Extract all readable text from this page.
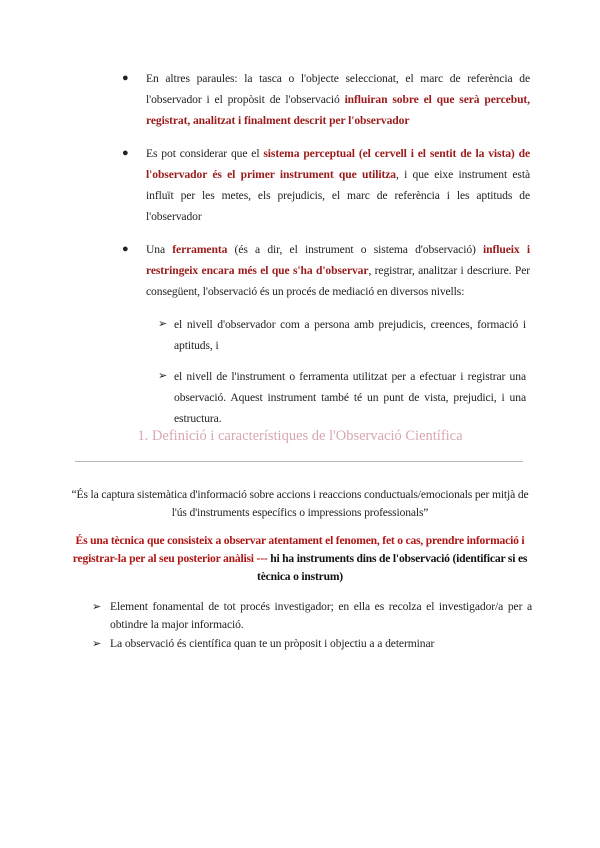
●	En altres paraules: la tasca o l'objecte seleccionat, el marc de referència de l'observador i el propòsit de l'observació influiran sobre el que serà percebut, registrat, analitzat i finalment descrit per l'observador
●	Es pot considerar que el sistema perceptual (el cervell i el sentit de la vista) de l'observador és el primer instrument que utilitza, i que eixe instrument està influït per les metes, els prejudicis, el marc de referència i les aptituds de l'observador
●	Una ferramenta (és a dir, el instrument o sistema d'observació) influeix i restringeix encara més el que s'ha d'observar, registrar, analitzar i descriure. Per consegüent, l'observació és un procés de mediació en diversos nivells:
➢ el nivell d'observador com a persona amb prejudicis, creences, formació i aptituds, i
➢ el nivell de l'instrument o ferramenta utilitzat per a efectuar i registrar una observació. Aquest instrument també té un punt de vista, prejudici, i una estructura.
1. Definició i característiques de l'Observació Científica
“És la captura sistemàtica d'informació sobre accions i reaccions conductuals/emocionals per mitjà de l'ús d'instruments específics o impressions professionals”
És una tècnica que consisteix a observar atentament el fenomen, fet o cas, prendre informació i registrar-la per al seu posterior anàlisi --- hi ha instruments dins de l'observació (identificar si es tècnica o instrum)
➢ Element fonamental de tot procés investigador; en ella es recolza el investigador/a per a obtindre la major informació.
➢ La observació és científica quan te un pròposit i objectiu a a determinar
